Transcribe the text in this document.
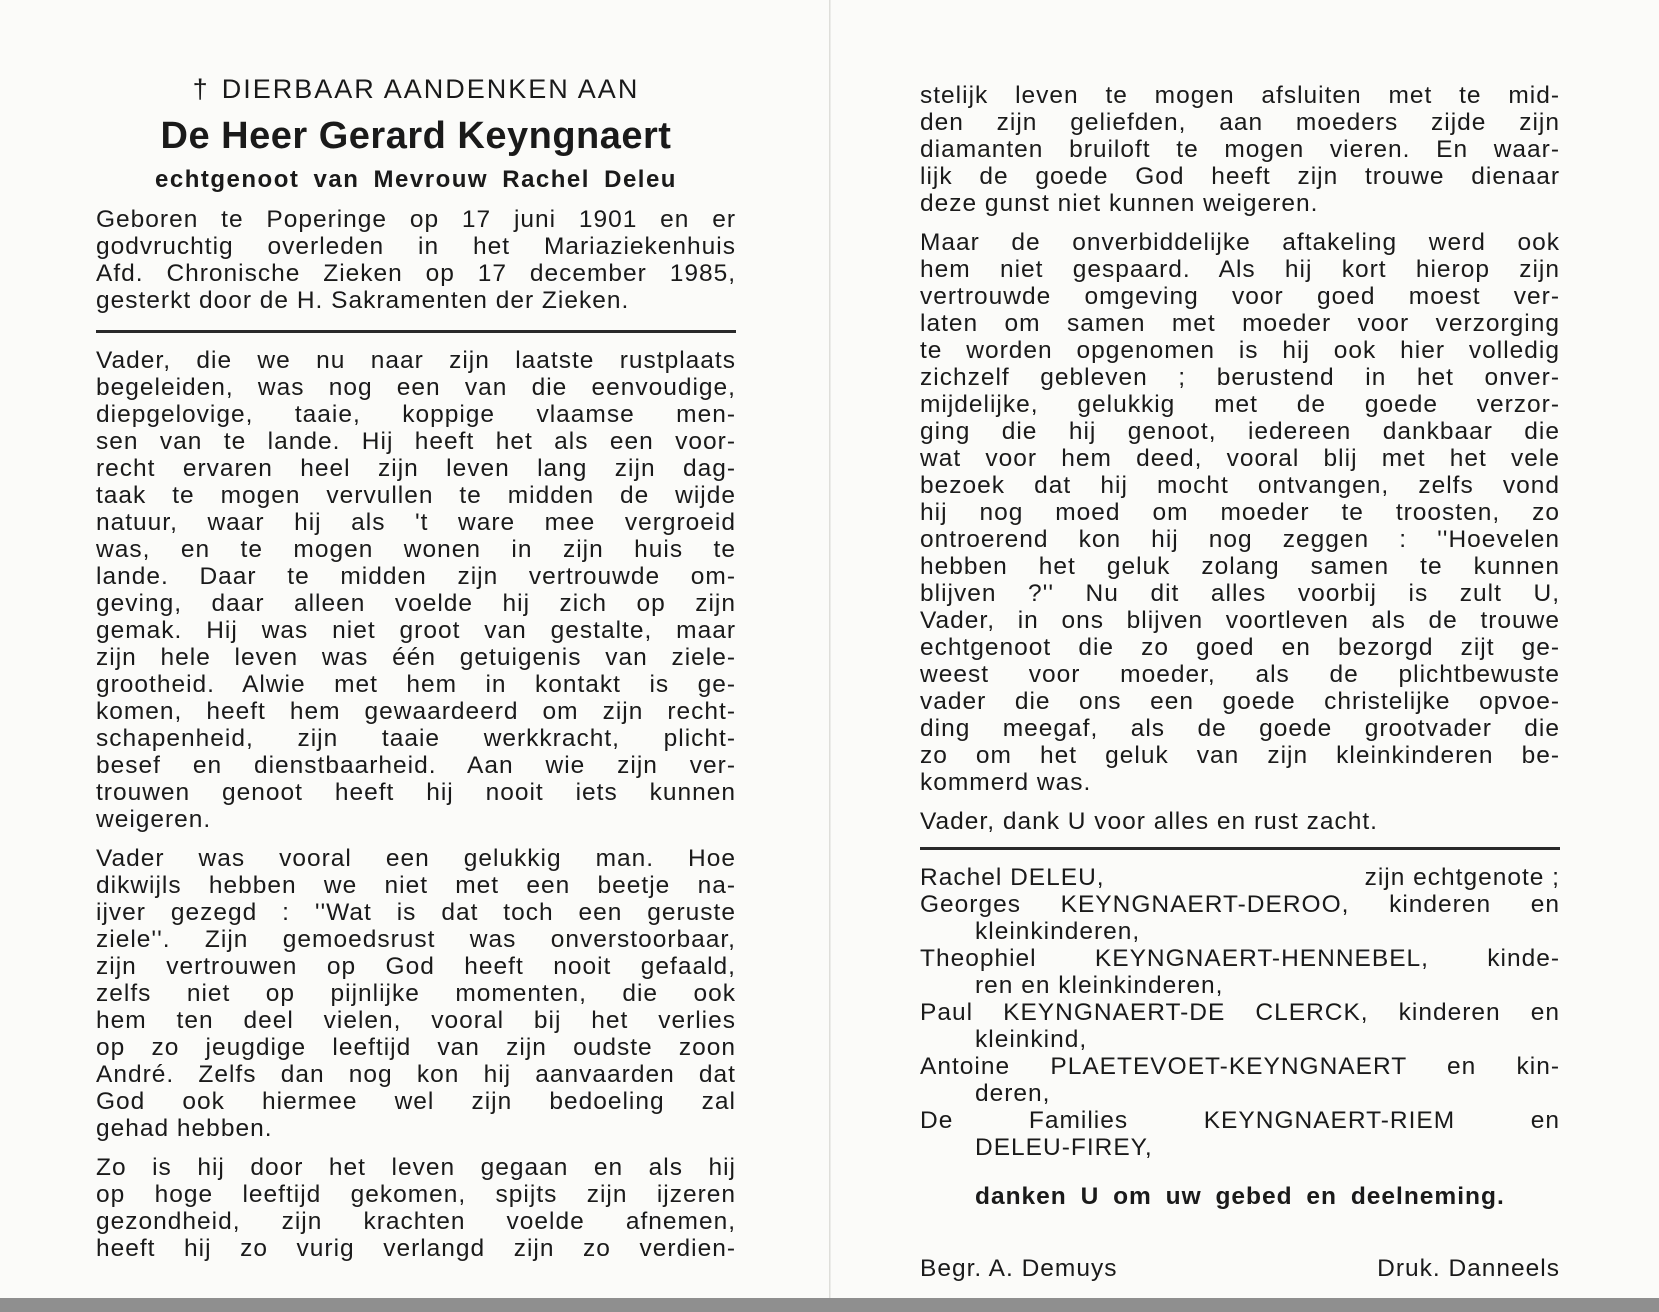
† DIERBAAR AANDENKEN AAN
De Heer Gerard Keyngnaert
echtgenoot van Mevrouw Rachel Deleu
Geboren te Poperinge op 17 juni 1901 en er
godvruchtig overleden in het Mariaziekenhuis
Afd. Chronische Zieken op 17 december 1985,
gesterkt door de H. Sakramenten der Zieken.
Vader, die we nu naar zijn laatste rustplaats
begeleiden, was nog een van die eenvoudige,
diepgelovige, taaie, koppige vlaamse men-
sen van te lande. Hij heeft het als een voor-
recht ervaren heel zijn leven lang zijn dag-
taak te mogen vervullen te midden de wijde
natuur, waar hij als 't ware mee vergroeid
was, en te mogen wonen in zijn huis te
lande. Daar te midden zijn vertrouwde om-
geving, daar alleen voelde hij zich op zijn
gemak. Hij was niet groot van gestalte, maar
zijn hele leven was één getuigenis van ziele-
grootheid. Alwie met hem in kontakt is ge-
komen, heeft hem gewaardeerd om zijn recht-
schapenheid, zijn taaie werkkracht, plicht-
besef en dienstbaarheid. Aan wie zijn ver-
trouwen genoot heeft hij nooit iets kunnen
weigeren.
Vader was vooral een gelukkig man. Hoe
dikwijls hebben we niet met een beetje na-
ijver gezegd : ''Wat is dat toch een geruste
ziele''. Zijn gemoedsrust was onverstoorbaar,
zijn vertrouwen op God heeft nooit gefaald,
zelfs niet op pijnlijke momenten, die ook
hem ten deel vielen, vooral bij het verlies
op zo jeugdige leeftijd van zijn oudste zoon
André. Zelfs dan nog kon hij aanvaarden dat
God ook hiermee wel zijn bedoeling zal
gehad hebben.
Zo is hij door het leven gegaan en als hij
op hoge leeftijd gekomen, spijts zijn ijzeren
gezondheid, zijn krachten voelde afnemen,
heeft hij zo vurig verlangd zijn zo verdien-
stelijk leven te mogen afsluiten met te mid-
den zijn geliefden, aan moeders zijde zijn
diamanten bruiloft te mogen vieren. En waar-
lijk de goede God heeft zijn trouwe dienaar
deze gunst niet kunnen weigeren.
Maar de onverbiddelijke aftakeling werd ook
hem niet gespaard. Als hij kort hierop zijn
vertrouwde omgeving voor goed moest ver-
laten om samen met moeder voor verzorging
te worden opgenomen is hij ook hier volledig
zichzelf gebleven ; berustend in het onver-
mijdelijke, gelukkig met de goede verzor-
ging die hij genoot, iedereen dankbaar die
wat voor hem deed, vooral blij met het vele
bezoek dat hij mocht ontvangen, zelfs vond
hij nog moed om moeder te troosten, zo
ontroerend kon hij nog zeggen : ''Hoevelen
hebben het geluk zolang samen te kunnen
blijven ?'' Nu dit alles voorbij is zult U,
Vader, in ons blijven voortleven als de trouwe
echtgenoot die zo goed en bezorgd zijt ge-
weest voor moeder, als de plichtbewuste
vader die ons een goede christelijke opvoe-
ding meegaf, als de goede grootvader die
zo om het geluk van zijn kleinkinderen be-
kommerd was.
Vader, dank U voor alles en rust zacht.
Rachel DELEU,	zijn echtgenote ;
Georges KEYNGNAERT-DEROO, kinderen en
kleinkinderen,
Theophiel KEYNGNAERT-HENNEBEL, kinde-
ren en kleinkinderen,
Paul KEYNGNAERT-DE CLERCK, kinderen en
kleinkind,
Antoine PLAETEVOET-KEYNGNAERT en kin-
deren,
De Families KEYNGNAERT-RIEM en
DELEU-FIREY,
danken U om uw gebed en deelneming.
Begr. A. Demuys	Druk. Danneels
